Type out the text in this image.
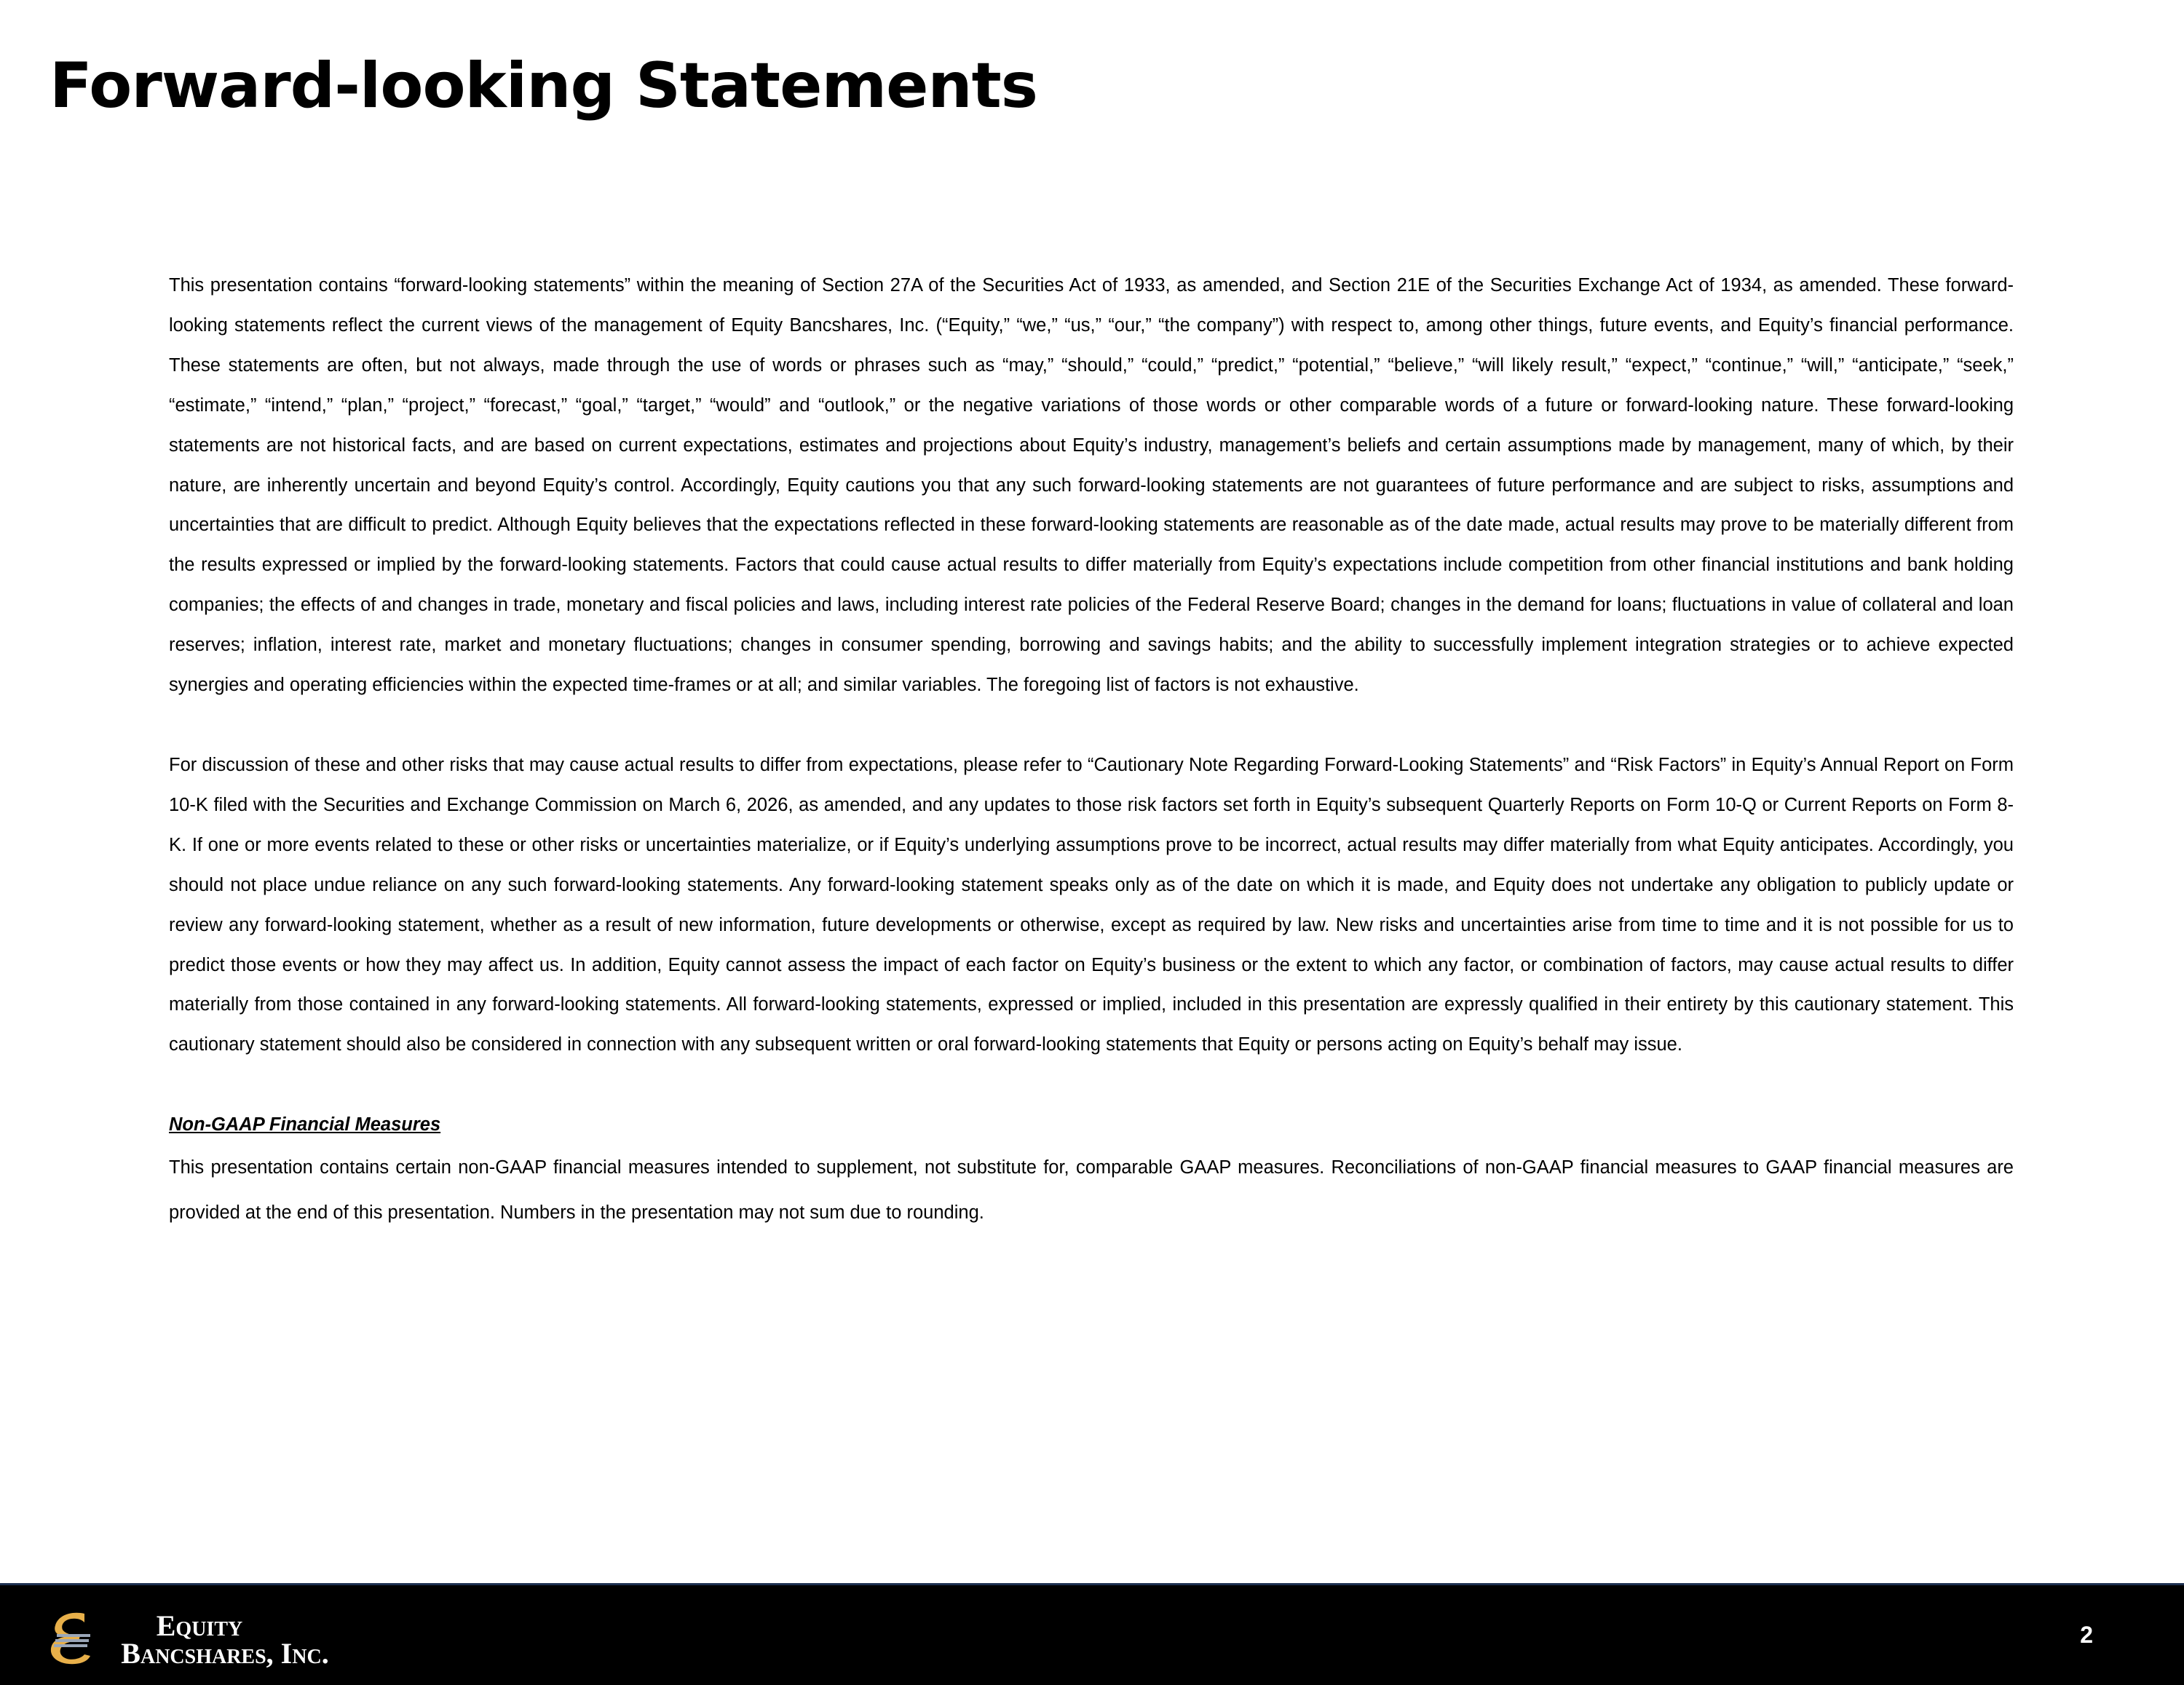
Forward-looking Statements

This presentation contains “forward-looking statements” within the meaning of Section 27A of the Securities Act of 1933, as amended, and Section 21E of the Securities Exchange Act of 1934, as amended. These forward-looking statements reflect the current views of the management of Equity Bancshares, Inc. (“Equity,” “we,” “us,” “our,” “the company”) with respect to, among other things, future events, and Equity’s financial performance. These statements are often, but not always, made through the use of words or phrases such as “may,” “should,” “could,” “predict,” “potential,” “believe,” “will likely result,” “expect,” “continue,” “will,” “anticipate,” “seek,” “estimate,” “intend,” “plan,” “project,” “forecast,” “goal,” “target,” “would” and “outlook,” or the negative variations of those words or other comparable words of a future or forward-looking nature. These forward-looking statements are not historical facts, and are based on current expectations, estimates and projections about Equity’s industry, management’s beliefs and certain assumptions made by management, many of which, by their nature, are inherently uncertain and beyond Equity’s control. Accordingly, Equity cautions you that any such forward-looking statements are not guarantees of future performance and are subject to risks, assumptions and uncertainties that are difficult to predict. Although Equity believes that the expectations reflected in these forward-looking statements are reasonable as of the date made, actual results may prove to be materially different from the results expressed or implied by the forward-looking statements. Factors that could cause actual results to differ materially from Equity’s expectations include competition from other financial institutions and bank holding companies; the effects of and changes in trade, monetary and fiscal policies and laws, including interest rate policies of the Federal Reserve Board; changes in the demand for loans; fluctuations in value of collateral and loan reserves; inflation, interest rate, market and monetary fluctuations; changes in consumer spending, borrowing and savings habits; and the ability to successfully implement integration strategies or to achieve expected synergies and operating efficiencies within the expected time-frames or at all; and similar variables. The foregoing list of factors is not exhaustive.

For discussion of these and other risks that may cause actual results to differ from expectations, please refer to “Cautionary Note Regarding Forward-Looking Statements” and “Risk Factors” in Equity’s Annual Report on Form 10-K filed with the Securities and Exchange Commission on March 6, 2026, as amended, and any updates to those risk factors set forth in Equity’s subsequent Quarterly Reports on Form 10-Q or Current Reports on Form 8-K. If one or more events related to these or other risks or uncertainties materialize, or if Equity’s underlying assumptions prove to be incorrect, actual results may differ materially from what Equity anticipates. Accordingly, you should not place undue reliance on any such forward-looking statements. Any forward-looking statement speaks only as of the date on which it is made, and Equity does not undertake any obligation to publicly update or review any forward-looking statement, whether as a result of new information, future developments or otherwise, except as required by law. New risks and uncertainties arise from time to time and it is not possible for us to predict those events or how they may affect us. In addition, Equity cannot assess the impact of each factor on Equity’s business or the extent to which any factor, or combination of factors, may cause actual results to differ materially from those contained in any forward-looking statements. All forward-looking statements, expressed or implied, included in this presentation are expressly qualified in their entirety by this cautionary statement. This cautionary statement should also be considered in connection with any subsequent written or oral forward-looking statements that Equity or persons acting on Equity’s behalf may issue.

Non-GAAP Financial Measures

This presentation contains certain non-GAAP financial measures intended to supplement, not substitute for, comparable GAAP measures. Reconciliations of non-GAAP financial measures to GAAP financial measures are provided at the end of this presentation. Numbers in the presentation may not sum due to rounding.

Equity
Bancshares, Inc.
2
